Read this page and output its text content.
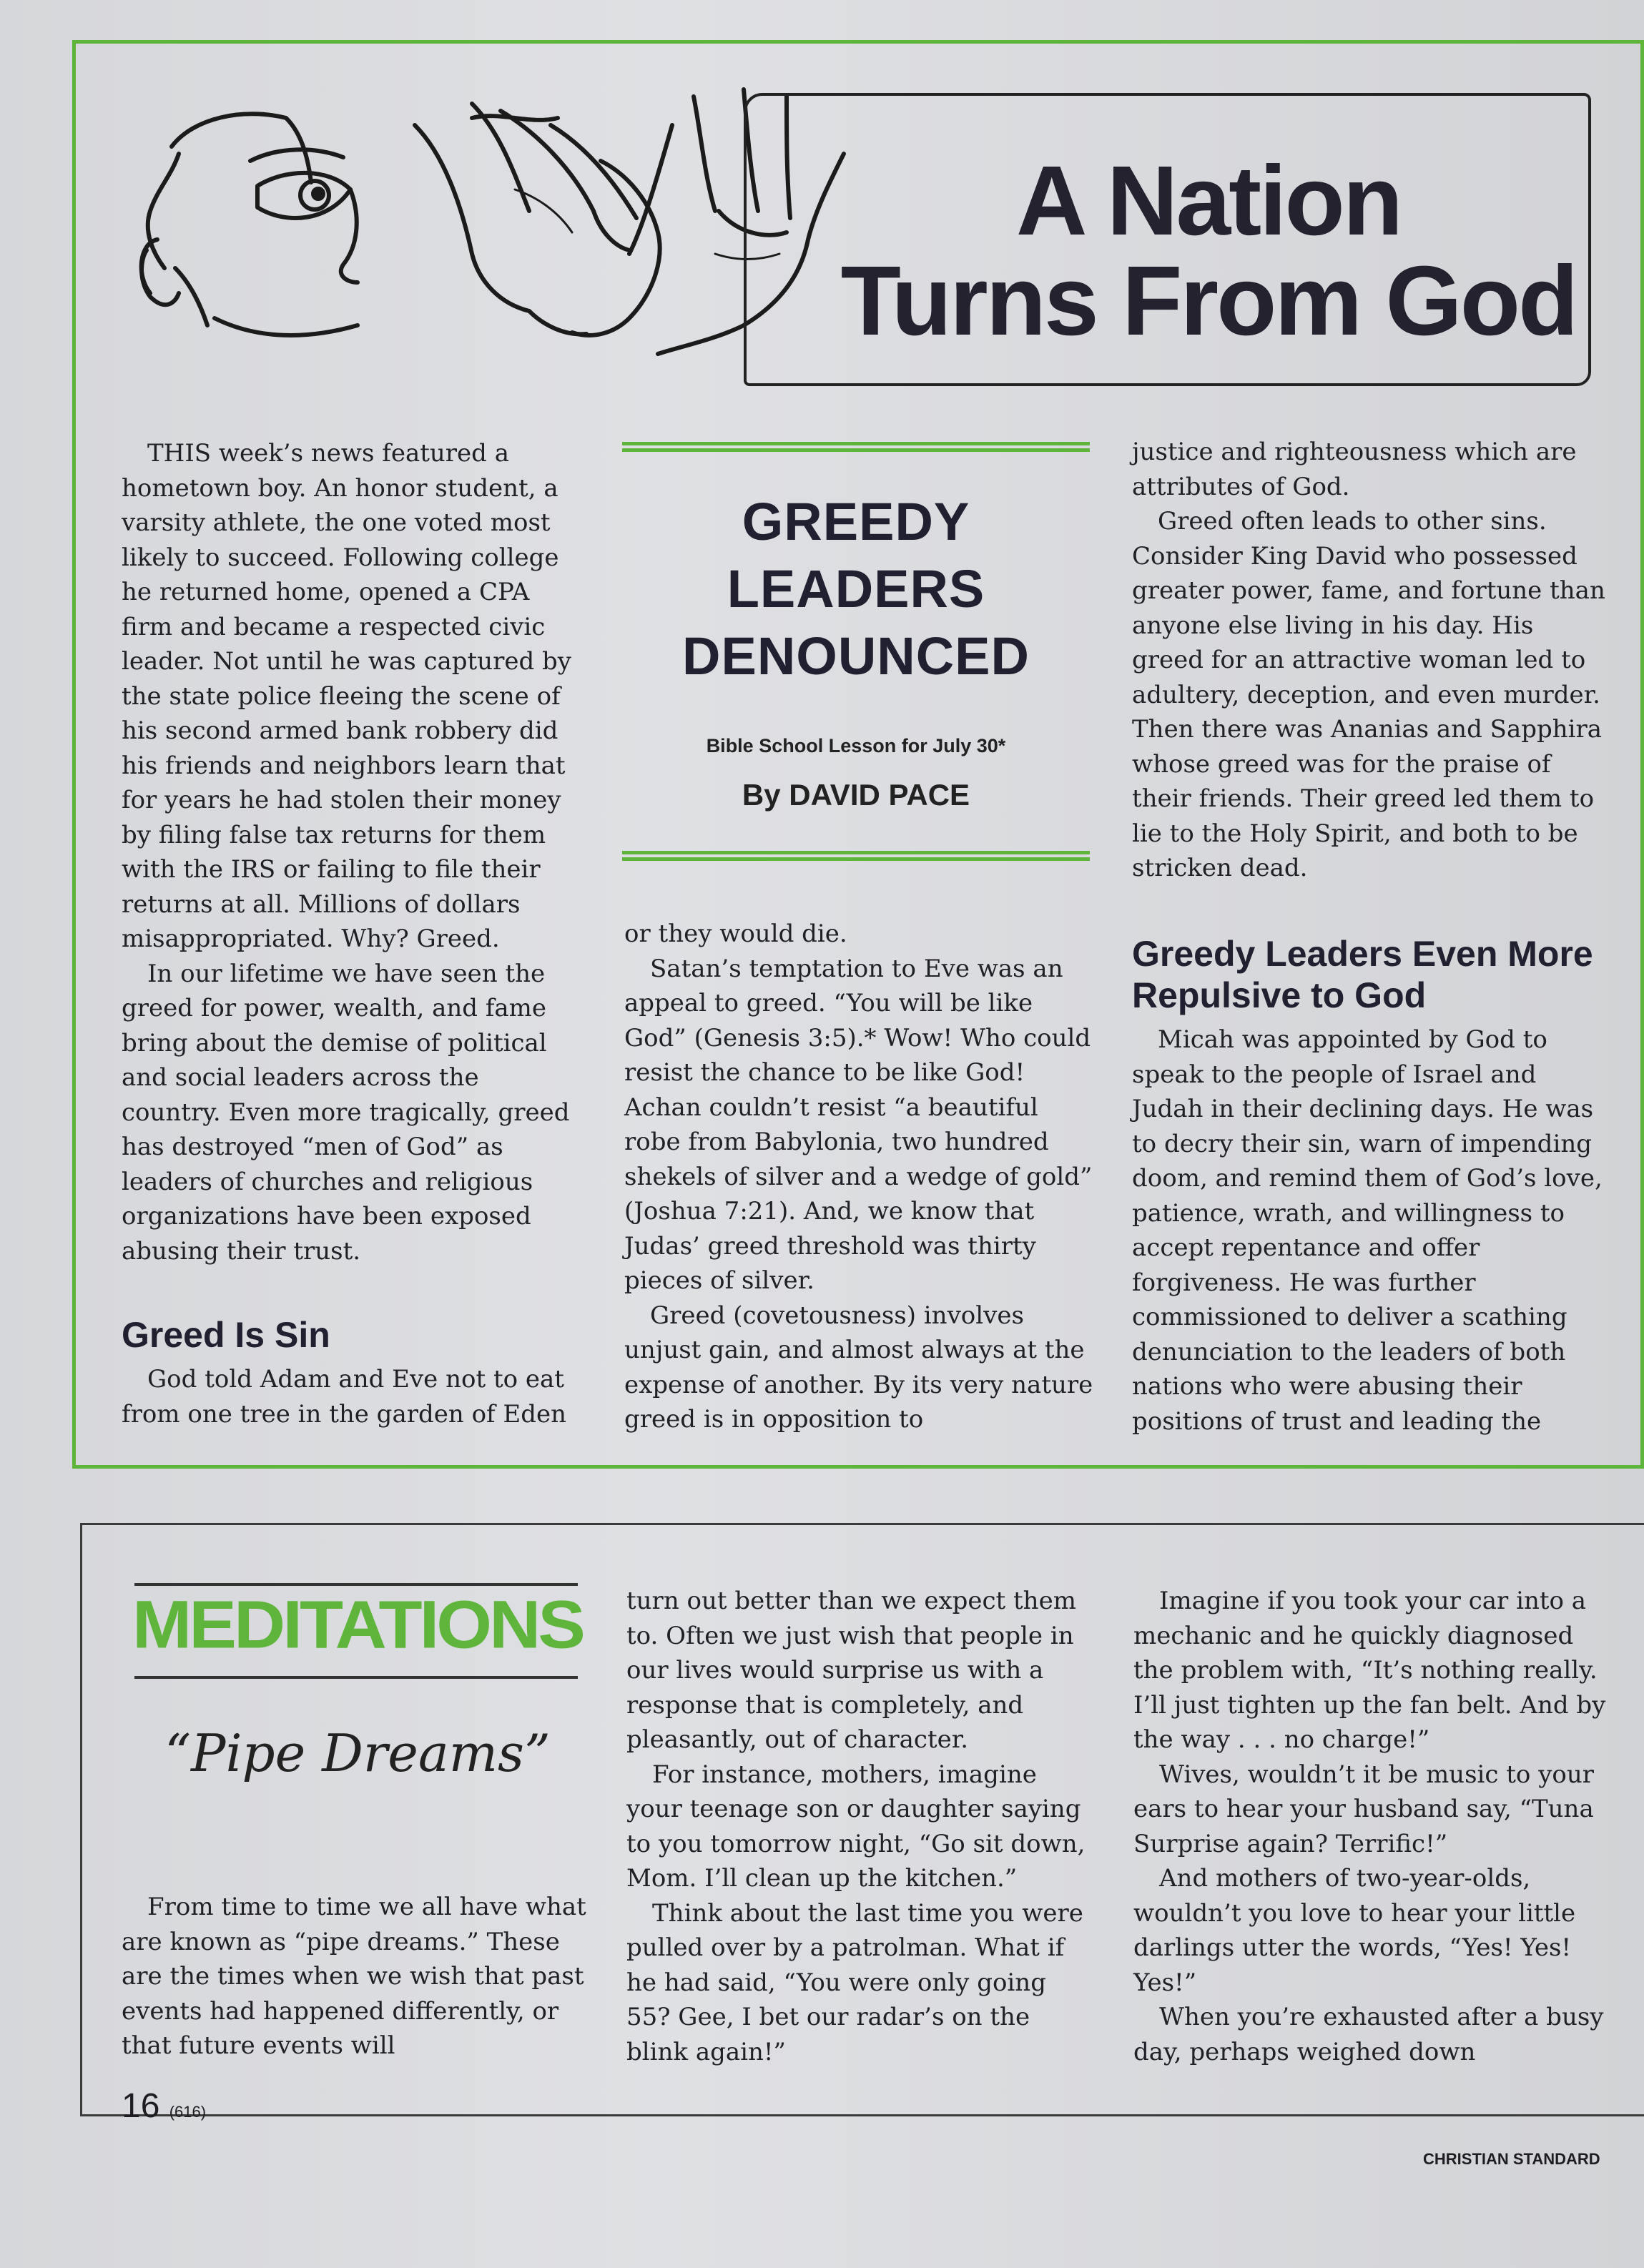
A Nation
Turns From God

THIS week’s news featured a hometown boy. An honor student, a varsity athlete, the one voted most likely to succeed. Following college he returned home, opened a CPA firm and became a respected civic leader. Not until he was captured by the state police fleeing the scene of his second armed bank robbery did his friends and neighbors learn that for years he had stolen their money by filing false tax returns for them with the IRS or failing to file their returns at all. Millions of dollars misappropriated. Why? Greed.

In our lifetime we have seen the greed for power, wealth, and fame bring about the demise of political and social leaders across the country. Even more tragically, greed has destroyed “men of God” as leaders of churches and religious organizations have been exposed abusing their trust.

Greed Is Sin

God told Adam and Eve not to eat from one tree in the garden of Eden

GREEDY
LEADERS
DENOUNCED
Bible School Lesson for July 30*
By DAVID PACE

or they would die.

Satan’s temptation to Eve was an appeal to greed. “You will be like God” (Genesis 3:5).* Wow! Who could resist the chance to be like God! Achan couldn’t resist “a beautiful robe from Babylonia, two hundred shekels of silver and a wedge of gold” (Joshua 7:21). And, we know that Judas’ greed threshold was thirty pieces of silver.

Greed (covetousness) involves unjust gain, and almost always at the expense of another. By its very nature greed is in opposition to

justice and righteousness which are attributes of God.

Greed often leads to other sins. Consider King David who possessed greater power, fame, and fortune than anyone else living in his day. His greed for an attractive woman led to adultery, deception, and even murder. Then there was Ananias and Sapphira whose greed was for the praise of their friends. Their greed led them to lie to the Holy Spirit, and both to be stricken dead.

Greedy Leaders Even More Repulsive to God

Micah was appointed by God to speak to the people of Israel and Judah in their declining days. He was to decry their sin, warn of impending doom, and remind them of God’s love, patience, wrath, and willingness to accept repentance and offer forgiveness. He was further commissioned to deliver a scathing denunciation to the leaders of both nations who were abusing their positions of trust and leading the

MEDITATIONS
“Pipe Dreams”

From time to time we all have what are known as “pipe dreams.” These are the times when we wish that past events had happened differently, or that future events will

turn out better than we expect them to. Often we just wish that people in our lives would surprise us with a response that is completely, and pleasantly, out of character.

For instance, mothers, imagine your teenage son or daughter saying to you tomorrow night, “Go sit down, Mom. I’ll clean up the kitchen.”

Think about the last time you were pulled over by a patrolman. What if he had said, “You were only going 55? Gee, I bet our radar’s on the blink again!”

Imagine if you took your car into a mechanic and he quickly diagnosed the problem with, “It’s nothing really. I’ll just tighten up the fan belt. And by the way . . . no charge!”

Wives, wouldn’t it be music to your ears to hear your husband say, “Tuna Surprise again? Terrific!”

And mothers of two-year-olds, wouldn’t you love to hear your little darlings utter the words, “Yes! Yes! Yes!”

When you’re exhausted after a busy day, perhaps weighed down

16 (616)
CHRISTIAN STANDARD
